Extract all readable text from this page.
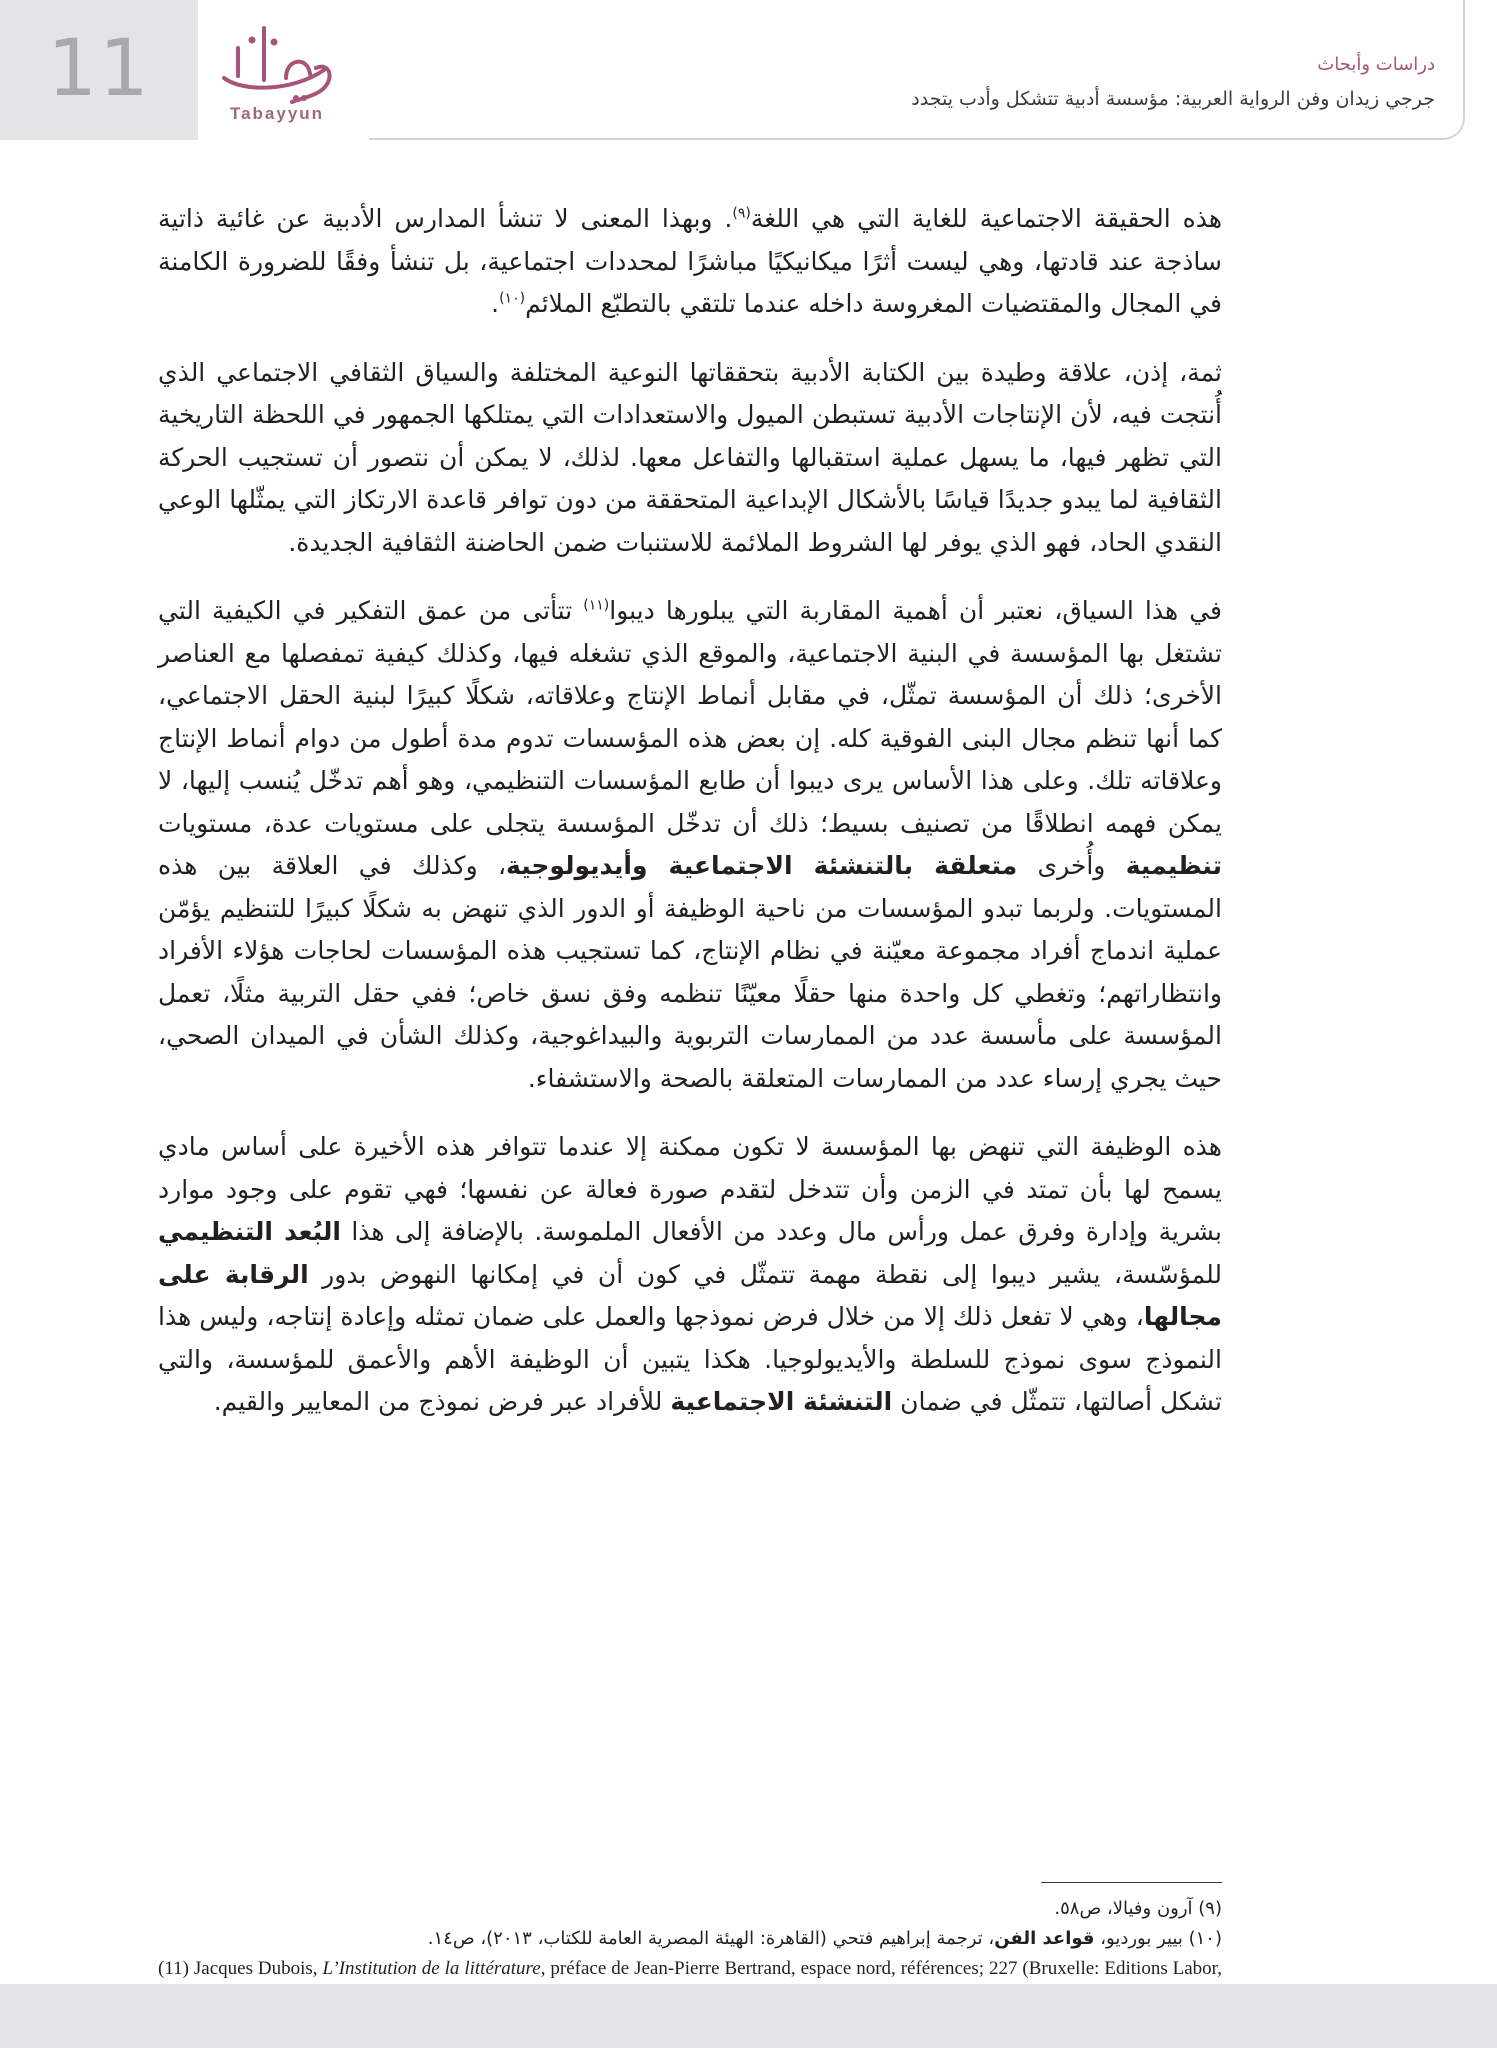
11	Tabayyun
دراسات وأبحاث
جرجي زيدان وفن الرواية العربية: مؤسسة أدبية تتشكل وأدب يتجدد

هذه الحقيقة الاجتماعية للغاية التي هي اللغة$^{(٩)}$. وبهذا المعنى لا تنشأ المدارس الأدبية عن غائية ذاتية ساذجة عند قادتها، وهي ليست أثرًا ميكانيكيًا مباشرًا لمحددات اجتماعية، بل تنشأ وفقًا للضرورة الكامنة في المجال والمقتضيات المغروسة داخله عندما تلتقي بالتطبّع الملائم$^{(١٠)}$.

ثمة، إذن، علاقة وطيدة بين الكتابة الأدبية بتحققاتها النوعية المختلفة والسياق الثقافي الاجتماعي الذي أُنتجت فيه، لأن الإنتاجات الأدبية تستبطن الميول والاستعدادات التي يمتلكها الجمهور في اللحظة التاريخية التي تظهر فيها، ما يسهل عملية استقبالها والتفاعل معها. لذلك، لا يمكن أن نتصور أن تستجيب الحركة الثقافية لما يبدو جديدًا قياسًا بالأشكال الإبداعية المتحققة من دون توافر قاعدة الارتكاز التي يمثّلها الوعي النقدي الحاد، فهو الذي يوفر لها الشروط الملائمة للاستنبات ضمن الحاضنة الثقافية الجديدة.

في هذا السياق، نعتبر أن أهمية المقاربة التي يبلورها ديبوا$^{(١١)}$ تتأتى من عمق التفكير في الكيفية التي تشتغل بها المؤسسة في البنية الاجتماعية، والموقع الذي تشغله فيها، وكذلك كيفية تمفصلها مع العناصر الأخرى؛ ذلك أن المؤسسة تمثّل، في مقابل أنماط الإنتاج وعلاقاته، شكلًا كبيرًا لبنية الحقل الاجتماعي، كما أنها تنظم مجال البنى الفوقية كله. إن بعض هذه المؤسسات تدوم مدة أطول من دوام أنماط الإنتاج وعلاقاته تلك. وعلى هذا الأساس يرى ديبوا أن طابع المؤسسات التنظيمي، وهو أهم تدخّل يُنسب إليها، لا يمكن فهمه انطلاقًا من تصنيف بسيط؛ ذلك أن تدخّل المؤسسة يتجلى على مستويات عدة، مستويات تنظيمية وأُخرى متعلقة بالتنشئة الاجتماعية وأيديولوجية، وكذلك في العلاقة بين هذه المستويات. ولربما تبدو المؤسسات من ناحية الوظيفة أو الدور الذي تنهض به شكلًا كبيرًا للتنظيم يؤمّن عملية اندماج أفراد مجموعة معيّنة في نظام الإنتاج، كما تستجيب هذه المؤسسات لحاجات هؤلاء الأفراد وانتظاراتهم؛ وتغطي كل واحدة منها حقلًا معيّنًا تنظمه وفق نسق خاص؛ ففي حقل التربية مثلًا، تعمل المؤسسة على مأسسة عدد من الممارسات التربوية والبيداغوجية، وكذلك الشأن في الميدان الصحي، حيث يجري إرساء عدد من الممارسات المتعلقة بالصحة والاستشفاء.

هذه الوظيفة التي تنهض بها المؤسسة لا تكون ممكنة إلا عندما تتوافر هذه الأخيرة على أساس مادي يسمح لها بأن تمتد في الزمن وأن تتدخل لتقدم صورة فعالة عن نفسها؛ فهي تقوم على وجود موارد بشرية وإدارة وفرق عمل ورأس مال وعدد من الأفعال الملموسة. بالإضافة إلى هذا البُعد التنظيمي للمؤسّسة، يشير ديبوا إلى نقطة مهمة تتمثّل في كون أن في إمكانها النهوض بدور الرقابة على مجالها، وهي لا تفعل ذلك إلا من خلال فرض نموذجها والعمل على ضمان تمثله وإعادة إنتاجه، وليس هذا النموذج سوى نموذج للسلطة والأيديولوجيا. هكذا يتبين أن الوظيفة الأهم والأعمق للمؤسسة، والتي تشكل أصالتها، تتمثّل في ضمان التنشئة الاجتماعية للأفراد عبر فرض نموذج من المعايير والقيم.

(٩) آرون وفيالا، ص٥٨.
(١٠) بيير بورديو، قواعد الفن، ترجمة إبراهيم فتحي (القاهرة: الهيئة المصرية العامة للكتاب، ٢٠١٣)، ص١٤.
(11) Jacques Dubois, L’Institution de la littérature, préface de Jean-Pierre Bertrand, espace nord, références; 227 (Bruxelle: Editions Labor,
